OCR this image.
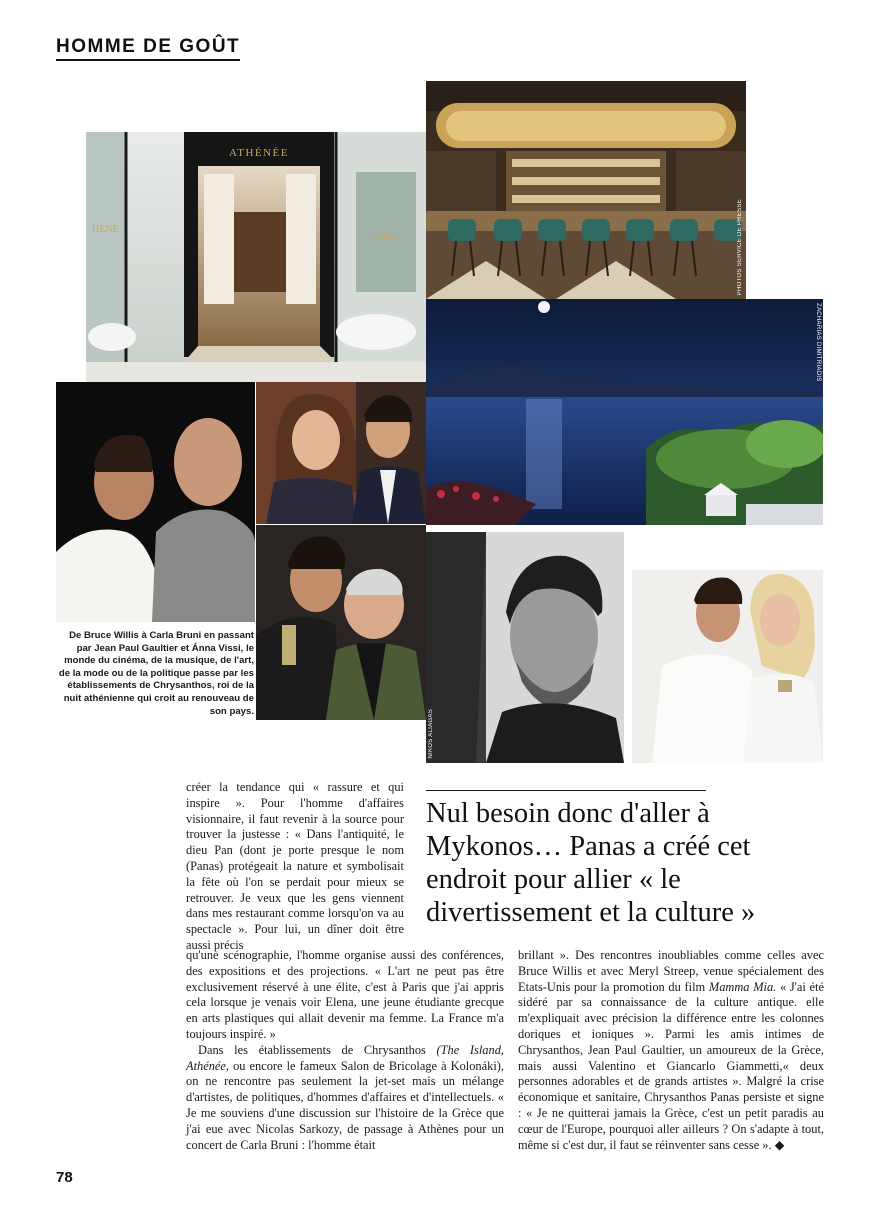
HOMME DE GOÛT
ATHÉNÉE
HÉNÉ
ATHÉ	PHOTOS SERVICE DE PRESSE
ZACHARIAS DIMITRIADIS
NIKOS ALIAGAS
De Bruce Willis à Carla Bruni en passant par Jean Paul Gaultier et Ánna Vissi, le monde du cinéma, de la musique, de l'art, de la mode ou de la politique passe par les établissements de Chrysanthos, roi de la nuit athénienne qui croit au renouveau de son pays.

créer la tendance qui « rassure et qui inspire ». Pour l'homme d'affaires visionnaire, il faut revenir à la source pour trouver la justesse : « Dans l'antiquité, le dieu Pan (dont je porte presque le nom (Panas) protégeait la nature et symbolisait la fête où l'on se perdait pour mieux se retrouver. Je veux que les gens viennent dans mes restaurant comme lorsqu'on va au spectacle ». Pour lui, un dîner doit être aussi précis

Nul besoin donc d'aller à Mykonos… Panas a créé cet endroit pour allier « le divertissement et la culture »

qu'une scénographie, l'homme organise aussi des conférences, des expositions et des projections. « L'art ne peut pas être exclusivement réservé à une élite, c'est à Paris que j'ai appris cela lorsque je venais voir Elena, une jeune étudiante grecque en arts plastiques qui allait devenir ma femme. La France m'a toujours inspiré. »

Dans les établissements de Chrysanthos (The Island, Athénée, ou encore le fameux Salon de Bricolage à Kolonáki), on ne rencontre pas seulement la jet-set mais un mélange d'artistes, de politiques, d'hommes d'affaires et d'intellectuels. « Je me souviens d'une discussion sur l'histoire de la Grèce que j'ai eue avec Nicolas Sarkozy, de passage à Athènes pour un concert de Carla Bruni : l'homme était

brillant ». Des rencontres inoubliables comme celles avec Bruce Willis et avec Meryl Streep, venue spécialement des Etats-Unis pour la promotion du film Mamma Mia. « J'ai été sidéré par sa connaissance de la culture antique. elle m'expliquait avec précision la différence entre les colonnes doriques et ioniques ». Parmi les amis intimes de Chrysanthos, Jean Paul Gaultier, un amoureux de la Grèce, mais aussi Valentino et Giancarlo Giammetti,« deux personnes adorables et de grands artistes ». Malgré la crise économique et sanitaire, Chrysanthos Panas persiste et signe : « Je ne quitterai jamais la Grèce, c'est un petit paradis au cœur de l'Europe, pourquoi aller ailleurs ? On s'adapte à tout, même si c'est dur, il faut se réinventer sans cesse ». ◆

78
